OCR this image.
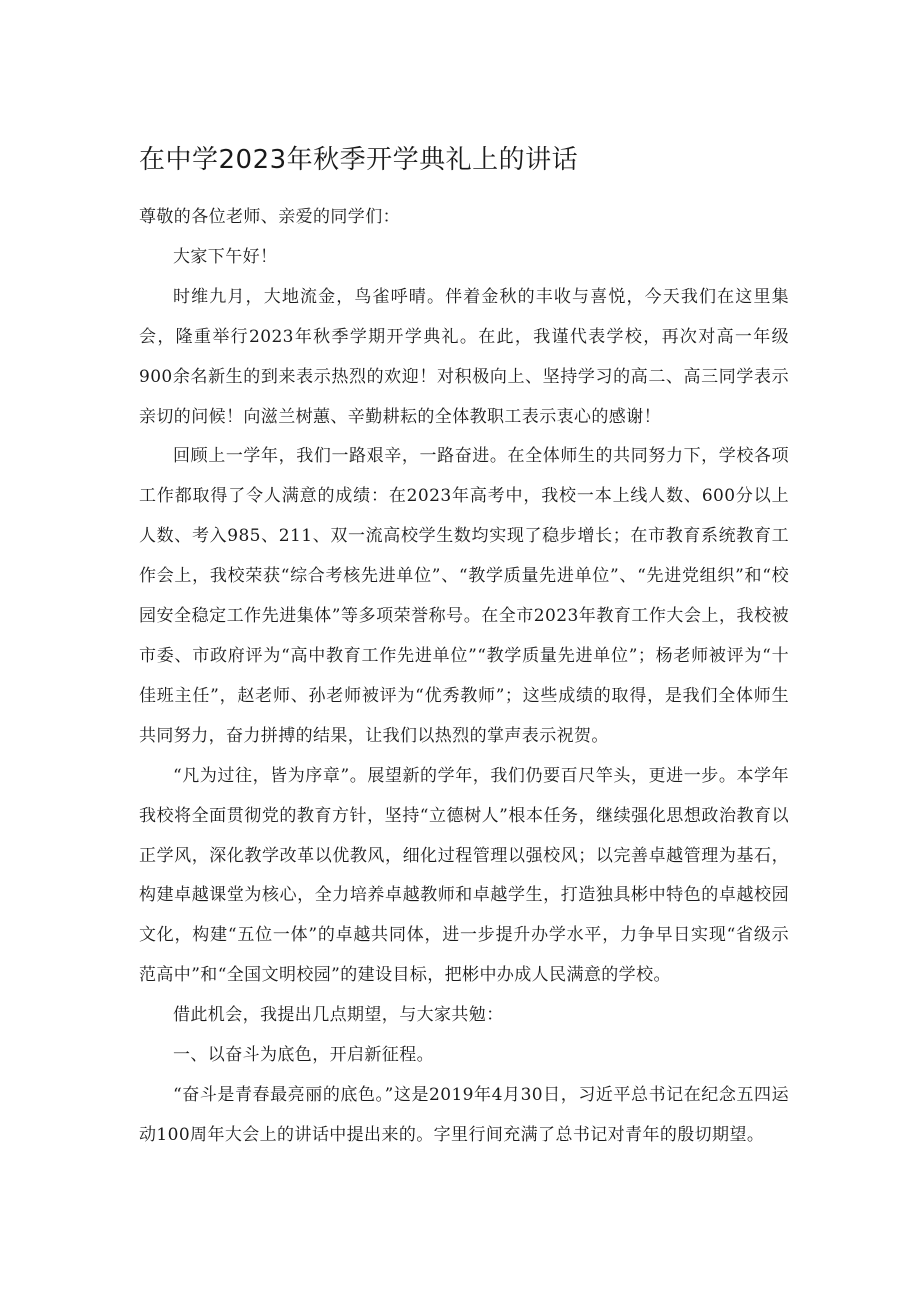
在中学2023年秋季开学典礼上的讲话

尊敬的各位老师、亲爱的同学们：

大家下午好！

时维九月，大地流金，鸟雀呼晴。伴着金秋的丰收与喜悦，今天我们在这里集会，隆重举行2023年秋季学期开学典礼。在此，我谨代表学校，再次对高一年级900余名新生的到来表示热烈的欢迎！对积极向上、坚持学习的高二、高三同学表示亲切的问候！向滋兰树蕙、辛勤耕耘的全体教职工表示衷心的感谢！

回顾上一学年，我们一路艰辛，一路奋进。在全体师生的共同努力下，学校各项工作都取得了令人满意的成绩：在2023年高考中，我校一本上线人数、600分以上人数、考入985、211、双一流高校学生数均实现了稳步增长；在市教育系统教育工作会上，我校荣获“综合考核先进单位”、“教学质量先进单位”、“先进党组织”和“校园安全稳定工作先进集体”等多项荣誉称号。在全市2023年教育工作大会上，我校被市委、市政府评为“高中教育工作先进单位”“教学质量先进单位”；杨老师被评为“十佳班主任”，赵老师、孙老师被评为“优秀教师”；这些成绩的取得，是我们全体师生共同努力，奋力拼搏的结果，让我们以热烈的掌声表示祝贺。

“凡为过往，皆为序章”。展望新的学年，我们仍要百尺竿头，更进一步。本学年我校将全面贯彻党的教育方针，坚持“立德树人”根本任务，继续强化思想政治教育以正学风，深化教学改革以优教风，细化过程管理以强校风；以完善卓越管理为基石，构建卓越课堂为核心，全力培养卓越教师和卓越学生，打造独具彬中特色的卓越校园文化，构建“五位一体”的卓越共同体，进一步提升办学水平，力争早日实现“省级示范高中”和“全国文明校园”的建设目标，把彬中办成人民满意的学校。

借此机会，我提出几点期望，与大家共勉：

一、以奋斗为底色，开启新征程。

“奋斗是青春最亮丽的底色。”这是2019年4月30日，习近平总书记在纪念五四运动100周年大会上的讲话中提出来的。字里行间充满了总书记对青年的殷切期望。
